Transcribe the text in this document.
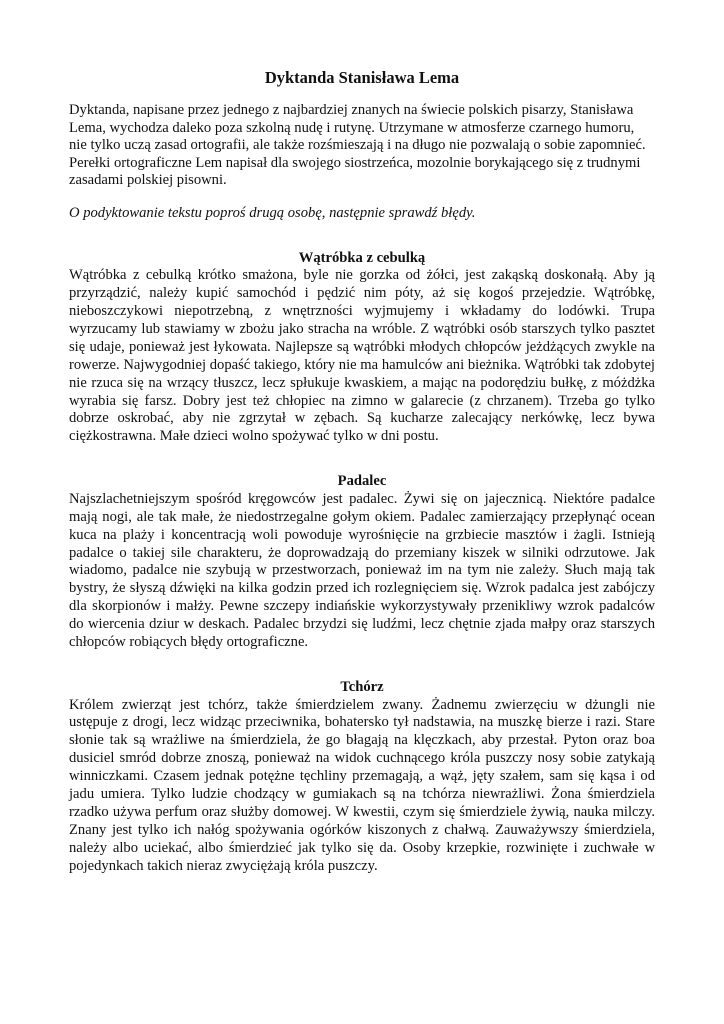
Dyktanda Stanisława Lema

Dyktanda, napisane przez jednego z najbardziej znanych na świecie polskich pisarzy, Stanisława Lema, wychodza daleko poza szkolną nudę i rutynę. Utrzymane w atmosferze czarnego humoru, nie tylko uczą zasad ortografii, ale także rozśmieszają i na długo nie pozwalają o sobie zapomnieć. Perełki ortograficzne Lem napisał dla swojego siostrzeńca, mozolnie borykającego się z trudnymi zasadami polskiej pisowni.

O podyktowanie tekstu poproś drugą osobę, następnie sprawdź błędy.

Wątróbka z cebulką

Wątróbka z cebulką krótko smażona, byle nie gorzka od żółci, jest zakąską doskonałą. Aby ją przyrządzić, należy kupić samochód i pędzić nim póty, aż się kogoś przejedzie. Wątróbkę, nieboszczykowi niepotrzebną, z wnętrzności wyjmujemy i wkładamy do lodówki. Trupa wyrzucamy lub stawiamy w zbożu jako stracha na wróble. Z wątróbki osób starszych tylko pasztet się udaje, ponieważ jest łykowata. Najlepsze są wątróbki młodych chłopców jeżdżących zwykle na rowerze. Najwygodniej dopaść takiego, który nie ma hamulców ani bieżnika. Wątróbki tak zdobytej nie rzuca się na wrzący tłuszcz, lecz spłukuje kwaskiem, a mając na podorędziu bułkę, z móżdżka wyrabia się farsz. Dobry jest też chłopiec na zimno w galarecie (z chrzanem). Trzeba go tylko dobrze oskrobać, aby nie zgrzytał w zębach. Są kucharze zalecający nerkówkę, lecz bywa ciężkostrawna. Małe dzieci wolno spożywać tylko w dni postu.

Padalec

Najszlachetniejszym spośród kręgowców jest padalec. Żywi się on jajecznicą. Niektóre padalce mają nogi, ale tak małe, że niedostrzegalne gołym okiem. Padalec zamierzający przepłynąć ocean kuca na plaży i koncentracją woli powoduje wyrośnięcie na grzbiecie masztów i żagli. Istnieją padalce o takiej sile charakteru, że doprowadzają do przemiany kiszek w silniki odrzutowe. Jak wiadomo, padalce nie szybują w przestworzach, ponieważ im na tym nie zależy. Słuch mają tak bystry, że słyszą dźwięki na kilka godzin przed ich rozlegnięciem się. Wzrok padalca jest zabójczy dla skorpionów i małży. Pewne szczepy indiańskie wykorzystywały przenikliwy wzrok padalców do wiercenia dziur w deskach. Padalec brzydzi się ludźmi, lecz chętnie zjada małpy oraz starszych chłopców robiących błędy ortograficzne.

Tchórz

Królem zwierząt jest tchórz, także śmierdzielem zwany. Żadnemu zwierzęciu w dżungli nie ustępuje z drogi, lecz widząc przeciwnika, bohatersko tył nadstawia, na muszkę bierze i razi. Stare słonie tak są wrażliwe na śmierdziela, że go błagają na klęczkach, aby przestał. Pyton oraz boa dusiciel smród dobrze znoszą, ponieważ na widok cuchnącego króla puszczy nosy sobie zatykają winniczkami. Czasem jednak potężne tęchliny przemagają, a wąż, jęty szałem, sam się kąsa i od jadu umiera. Tylko ludzie chodzący w gumiakach są na tchórza niewrażliwi. Żona śmierdziela rzadko używa perfum oraz służby domowej. W kwestii, czym się śmierdziele żywią, nauka milczy. Znany jest tylko ich nałóg spożywania ogórków kiszonych z chałwą. Zauważywszy śmierdziela, należy albo uciekać, albo śmierdzieć jak tylko się da. Osoby krzepkie, rozwinięte i zuchwałe w pojedynkach takich nieraz zwyciężają króla puszczy.
